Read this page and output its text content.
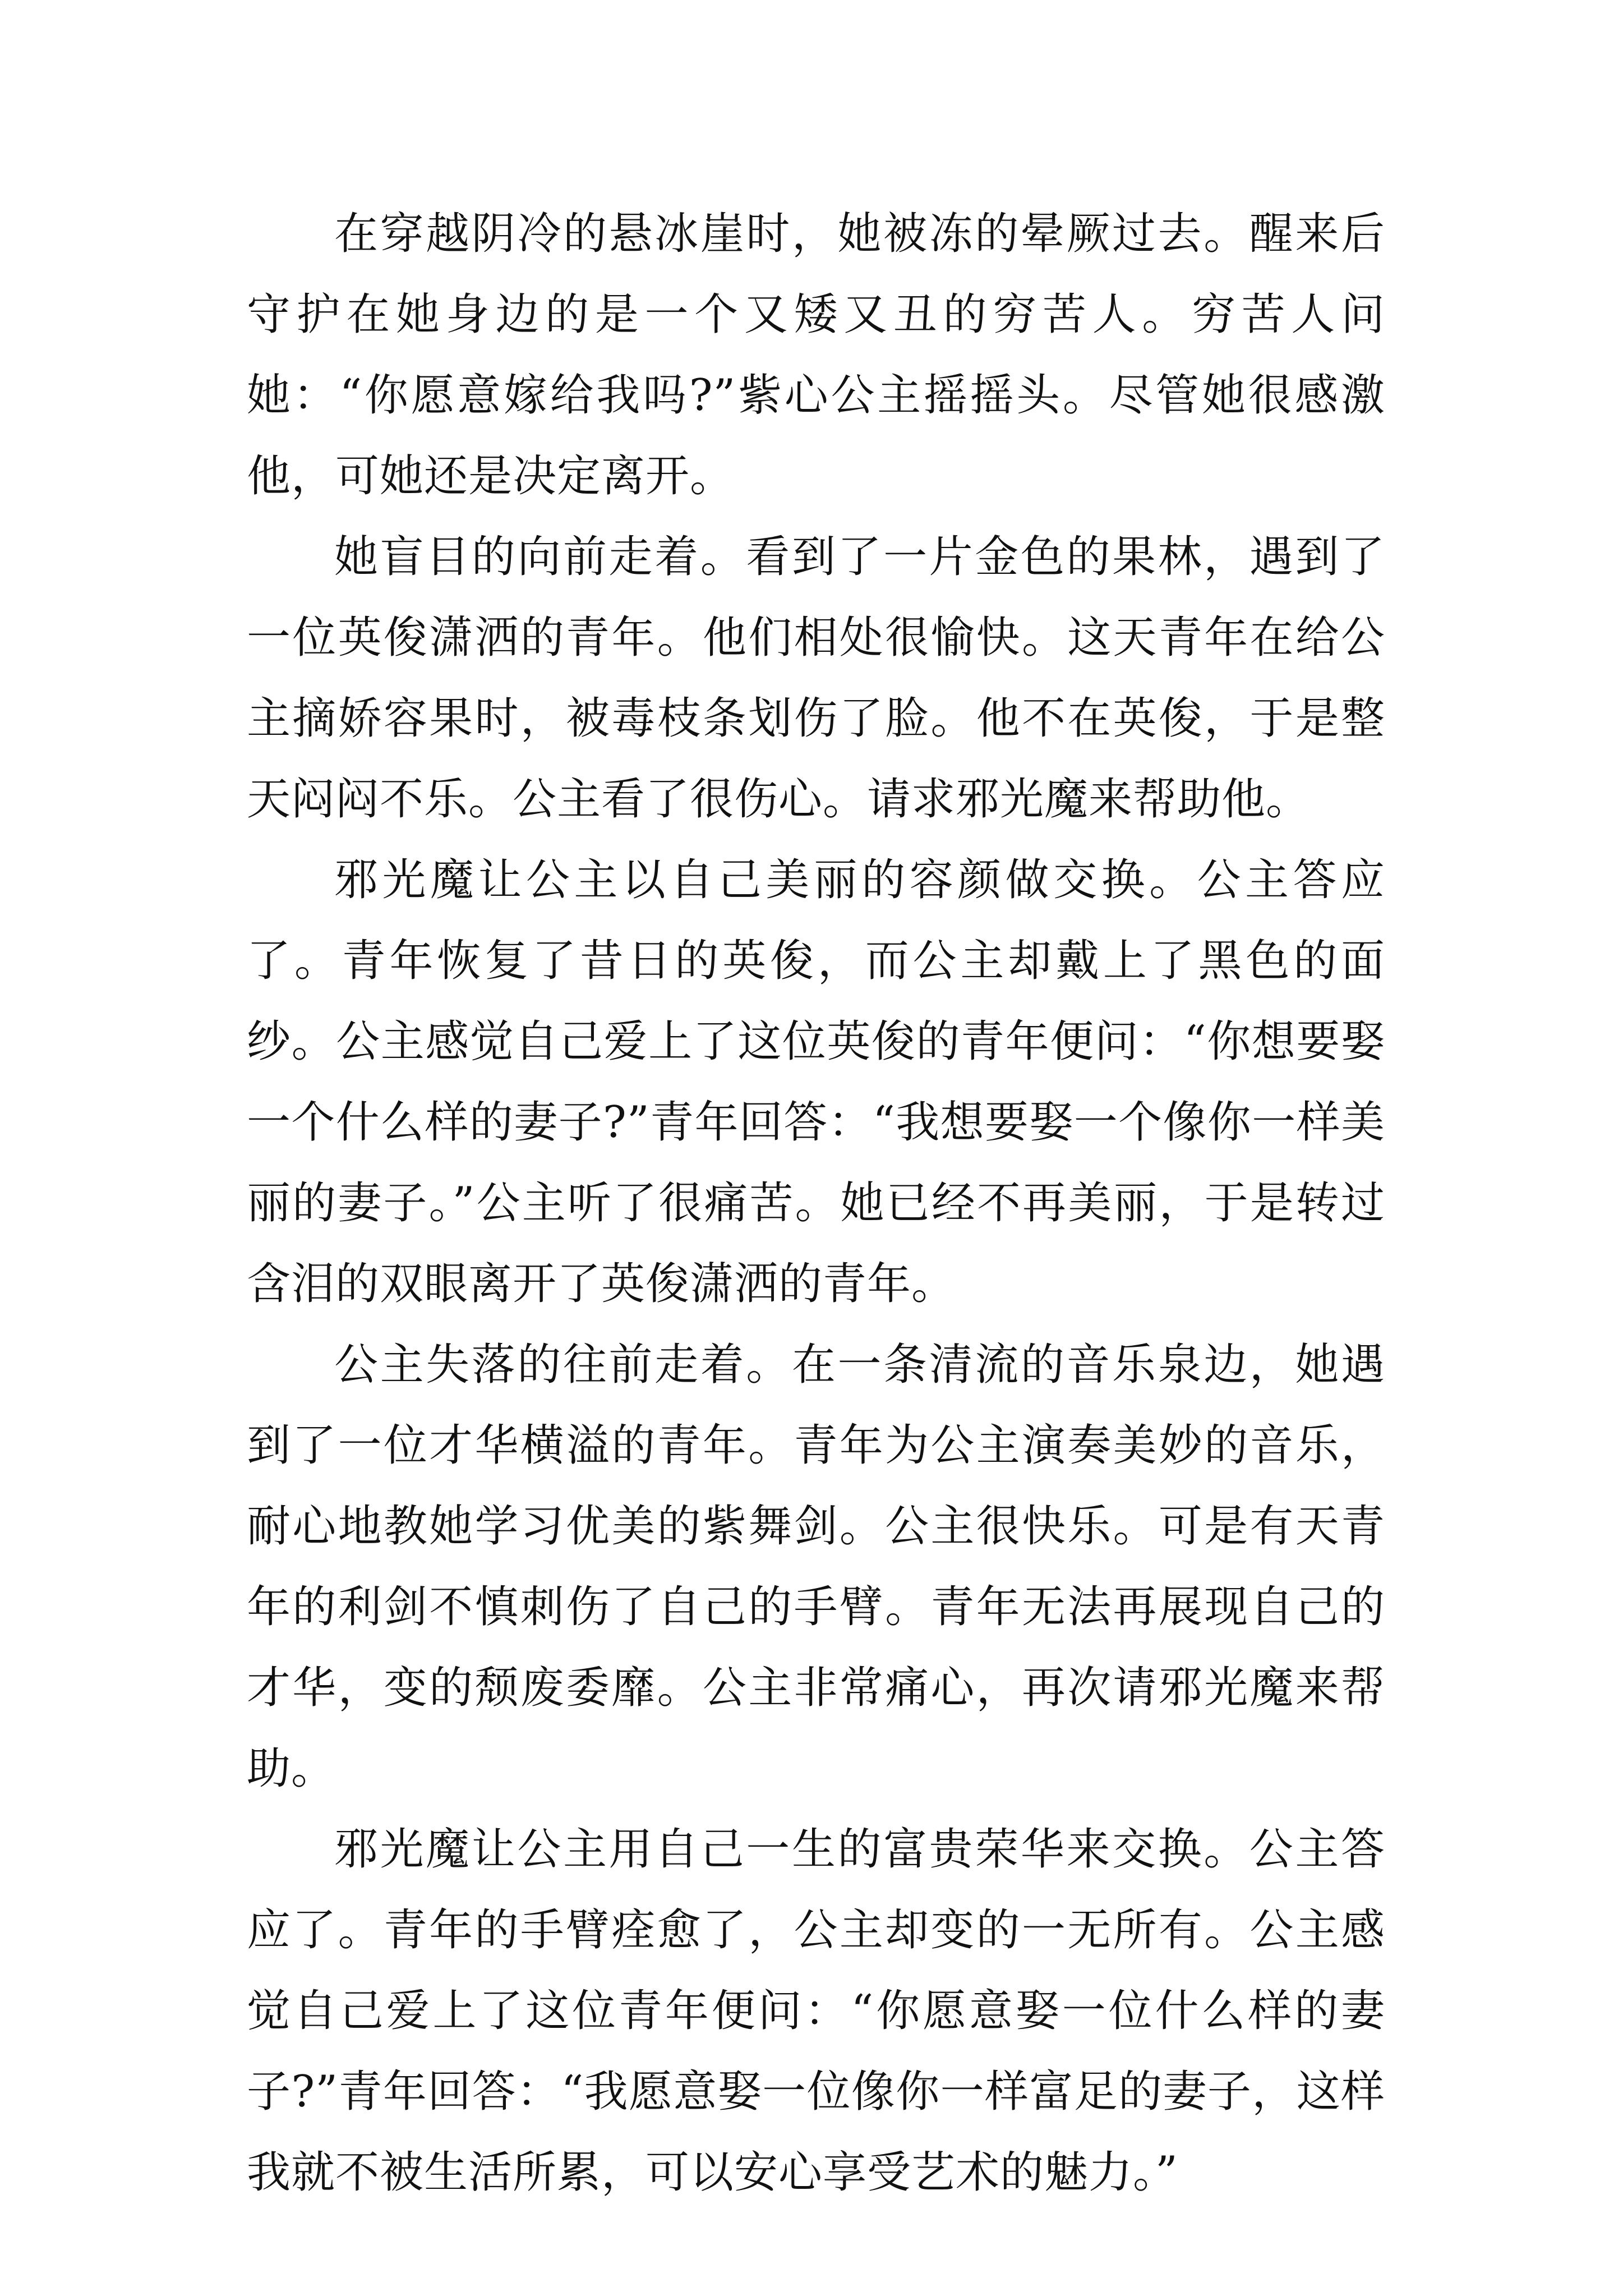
在穿越阴冷的悬冰崖时，她被冻的晕厥过去。醒来后守护在她身边的是一个又矮又丑的穷苦人。穷苦人问她：“你愿意嫁给我吗?”紫心公主摇摇头。尽管她很感激他，可她还是决定离开。

她盲目的向前走着。看到了一片金色的果林，遇到了一位英俊潇洒的青年。他们相处很愉快。这天青年在给公主摘娇容果时，被毒枝条划伤了脸。他不在英俊，于是整天闷闷不乐。公主看了很伤心。请求邪光魔来帮助他。

邪光魔让公主以自己美丽的容颜做交换。公主答应了。青年恢复了昔日的英俊，而公主却戴上了黑色的面纱。公主感觉自己爱上了这位英俊的青年便问：“你想要娶一个什么样的妻子?”青年回答：“我想要娶一个像你一样美丽的妻子。”公主听了很痛苦。她已经不再美丽，于是转过含泪的双眼离开了英俊潇洒的青年。

公主失落的往前走着。在一条清流的音乐泉边，她遇到了一位才华横溢的青年。青年为公主演奏美妙的音乐，耐心地教她学习优美的紫舞剑。公主很快乐。可是有天青年的利剑不慎刺伤了自己的手臂。青年无法再展现自己的才华，变的颓废委靡。公主非常痛心，再次请邪光魔来帮助。

邪光魔让公主用自己一生的富贵荣华来交换。公主答应了。青年的手臂痊愈了，公主却变的一无所有。公主感觉自己爱上了这位青年便问：“你愿意娶一位什么样的妻子?”青年回答：“我愿意娶一位像你一样富足的妻子，这样我就不被生活所累，可以安心享受艺术的魅力。”
